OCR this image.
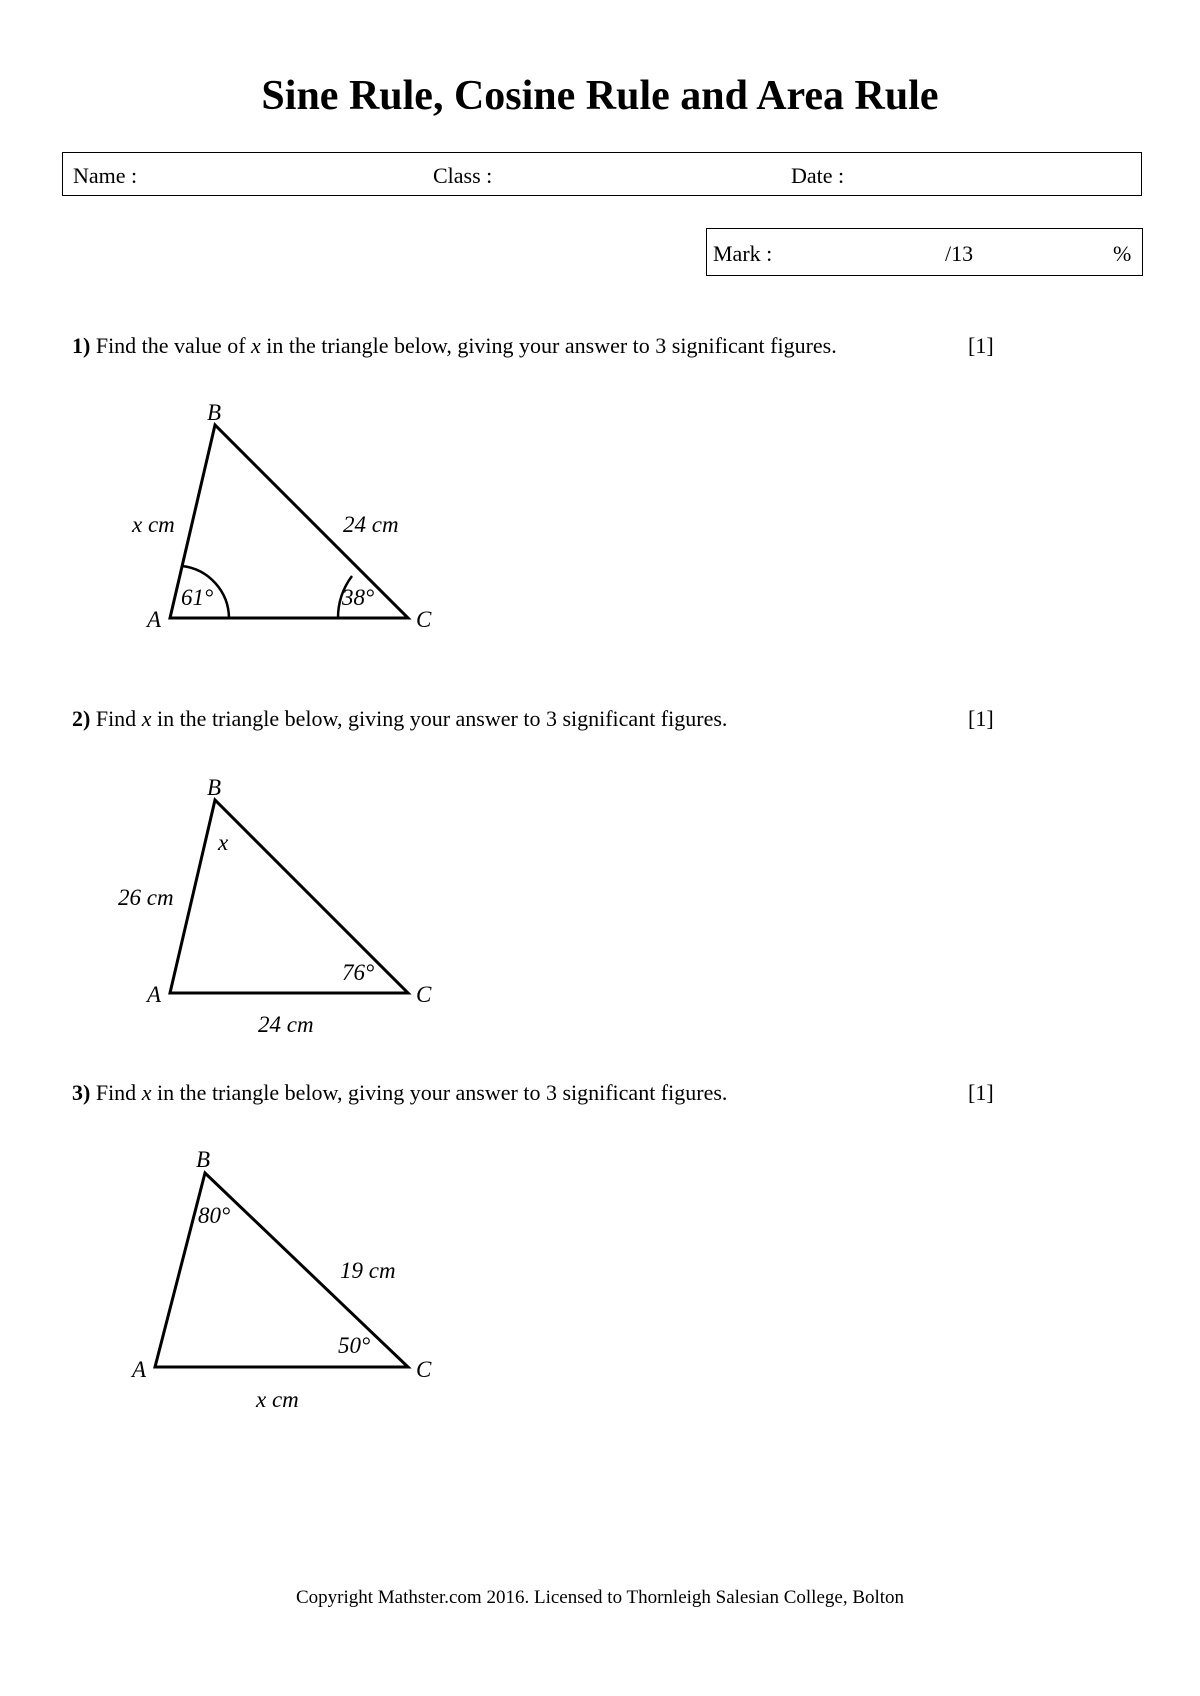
Sine Rule, Cosine Rule and Area Rule
Name :	Class :	Date :
Mark :	/13	%
1) Find the value of x in the triangle below, giving your answer to 3 significant figures.	[1]
A
B
C
x cm	24 cm
61°	38°
2) Find x in the triangle below, giving your answer to 3 significant figures.	[1]
A
B
C
26 cm
24 cm
x
76°
3) Find x in the triangle below, giving your answer to 3 significant figures.	[1]
A
B
C
19 cm
x cm
80°
50°
Copyright Mathster.com 2016. Licensed to Thornleigh Salesian College, Bolton
